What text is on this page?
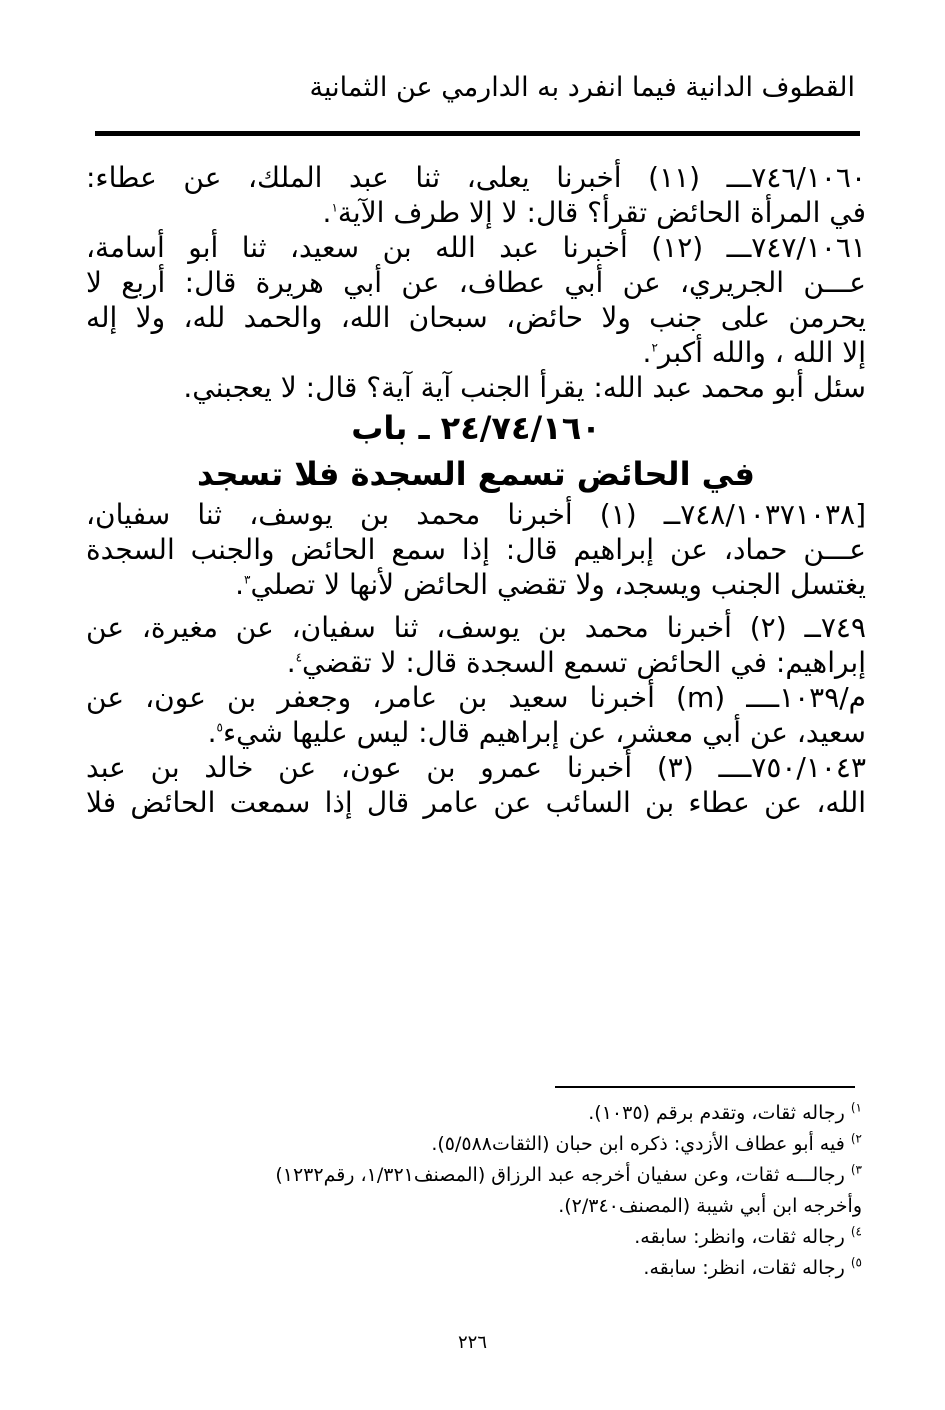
القطوف الدانية فيما انفرد به الدارمي عن الثمانية
٧٤٦/١٠٦٠ـــ (١١) أخبرنا يعلى، ثنا عبد الملك، عن عطاء:
في المرأة الحائض تقرأ؟ قال: لا إلا طرف الآية$^١$.
٧٤٧/١٠٦١ـــ (١٢) أخبرنا عبد الله بن سعيد، ثنا أبو أسامة،
عـــن الجريري، عن أبي عطاف، عن أبي هريرة قال: أربع لا
يحرمن على جنب ولا حائض، سبحان الله، والحمد لله، ولا إله
إلا الله ، والله أكبر$^٢$.
سئل أبو محمد عبد الله: يقرأ الجنب آية آية؟ قال: لا يعجبني.
٢٤/٧٤/١٦٠ ـ باب
في الحائض تسمع السجدة فلا تسجد
[٧٤٨/١٠٣٧١٠٣٨ــ (١) أخبرنا محمد بن يوسف، ثنا سفيان،
عـــن حماد، عن إبراهيم قال: إذا سمع الحائض والجنب السجدة
يغتسل الجنب ويسجد، ولا تقضي الحائض لأنها لا تصلي$^٣$.
٧٤٩ــ (٢) أخبرنا محمد بن يوسف، ثنا سفيان، عن مغيرة، عن
إبراهيم: في الحائض تسمع السجدة قال: لا تقضي$^٤$.
م/١٠٣٩ــــ (m) أخبرنا سعيد بن عامر، وجعفر بن عون، عن
سعيد، عن أبي معشر، عن إبراهيم قال: ليس عليها شيء$^٥$.
٧٥٠/١٠٤٣ــــ (٣) أخبرنا عمرو بن عون، عن خالد بن عبد
الله، عن عطاء بن السائب عن عامر قال إذا سمعت الحائض فلا
$^{١)}$ رجاله ثقات، وتقدم برقم (١٠٣٥).
$^{٢)}$ فيه أبو عطاف الأزدي: ذكره ابن حبان (الثقات٥/٥٨٨).
$^{٣)}$ رجالـــه ثقات، وعن سفيان أخرجه عبد الرزاق (المصنف١/٣٢١، رقم١٢٣٢)
وأخرجه ابن أبي شيبة (المصنف٢/٣٤٠).
$^{٤)}$ رجاله ثقات، وانظر: سابقه.
$^{٥)}$ رجاله ثقات، انظر: سابقه.
٢٢٦
